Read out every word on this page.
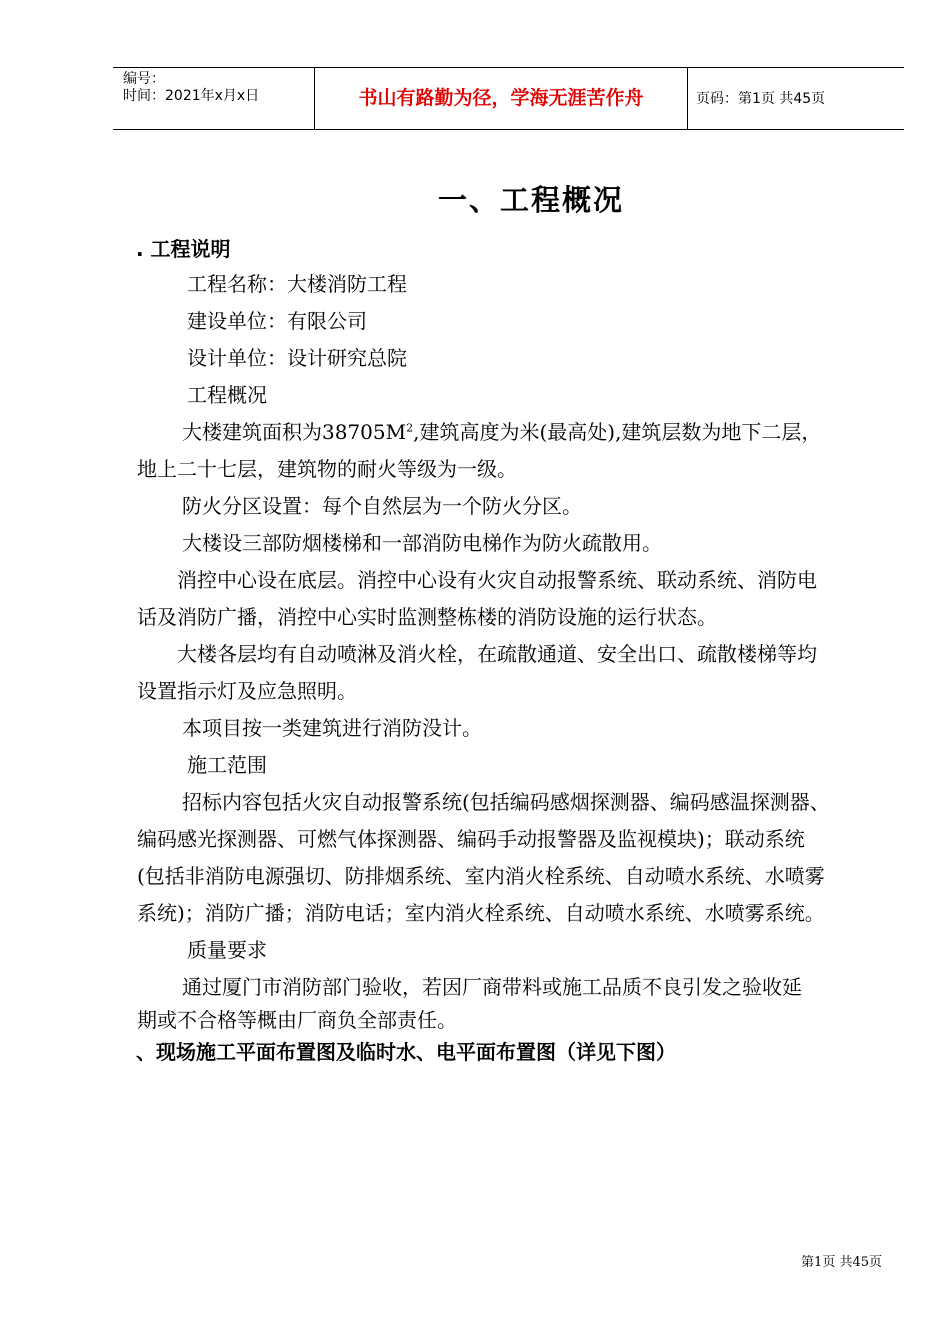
编号：
时间：2021年x月x日	书山有路勤为径，学海无涯苦作舟	页码：第1页 共45页
一、工程概况
. 工程说明
工程名称：大楼消防工程
建设单位：有限公司
设计单位：设计研究总院
工程概况
大楼建筑面积为$38705M^2$,建筑高度为米(最高处),建筑层数为地下二层，
地上二十七层，建筑物的耐火等级为一级。
防火分区设置：每个自然层为一个防火分区。
大楼设三部防烟楼梯和一部消防电梯作为防火疏散用。
消控中心设在底层。消控中心设有火灾自动报警系统、联动系统、消防电
话及消防广播，消控中心实时监测整栋楼的消防设施的运行状态。
大楼各层均有自动喷淋及消火栓，在疏散通道、安全出口、疏散楼梯等均
设置指示灯及应急照明。
本项目按一类建筑进行消防没计。
施工范围
招标内容包括火灾自动报警系统(包括编码感烟探测器、编码感温探测器、
编码感光探测器、可燃气体探测器、编码手动报警器及监视模块)；联动系统
(包括非消防电源强切、防排烟系统、室内消火栓系统、自动喷水系统、水喷雾
系统)；消防广播；消防电话；室内消火栓系统、自动喷水系统、水喷雾系统。
质量要求
通过厦门市消防部门验收，若因厂商带料或施工品质不良引发之验收延
期或不合格等概由厂商负全部责任。
、现场施工平面布置图及临时水、电平面布置图（详见下图）
第1页 共45页
